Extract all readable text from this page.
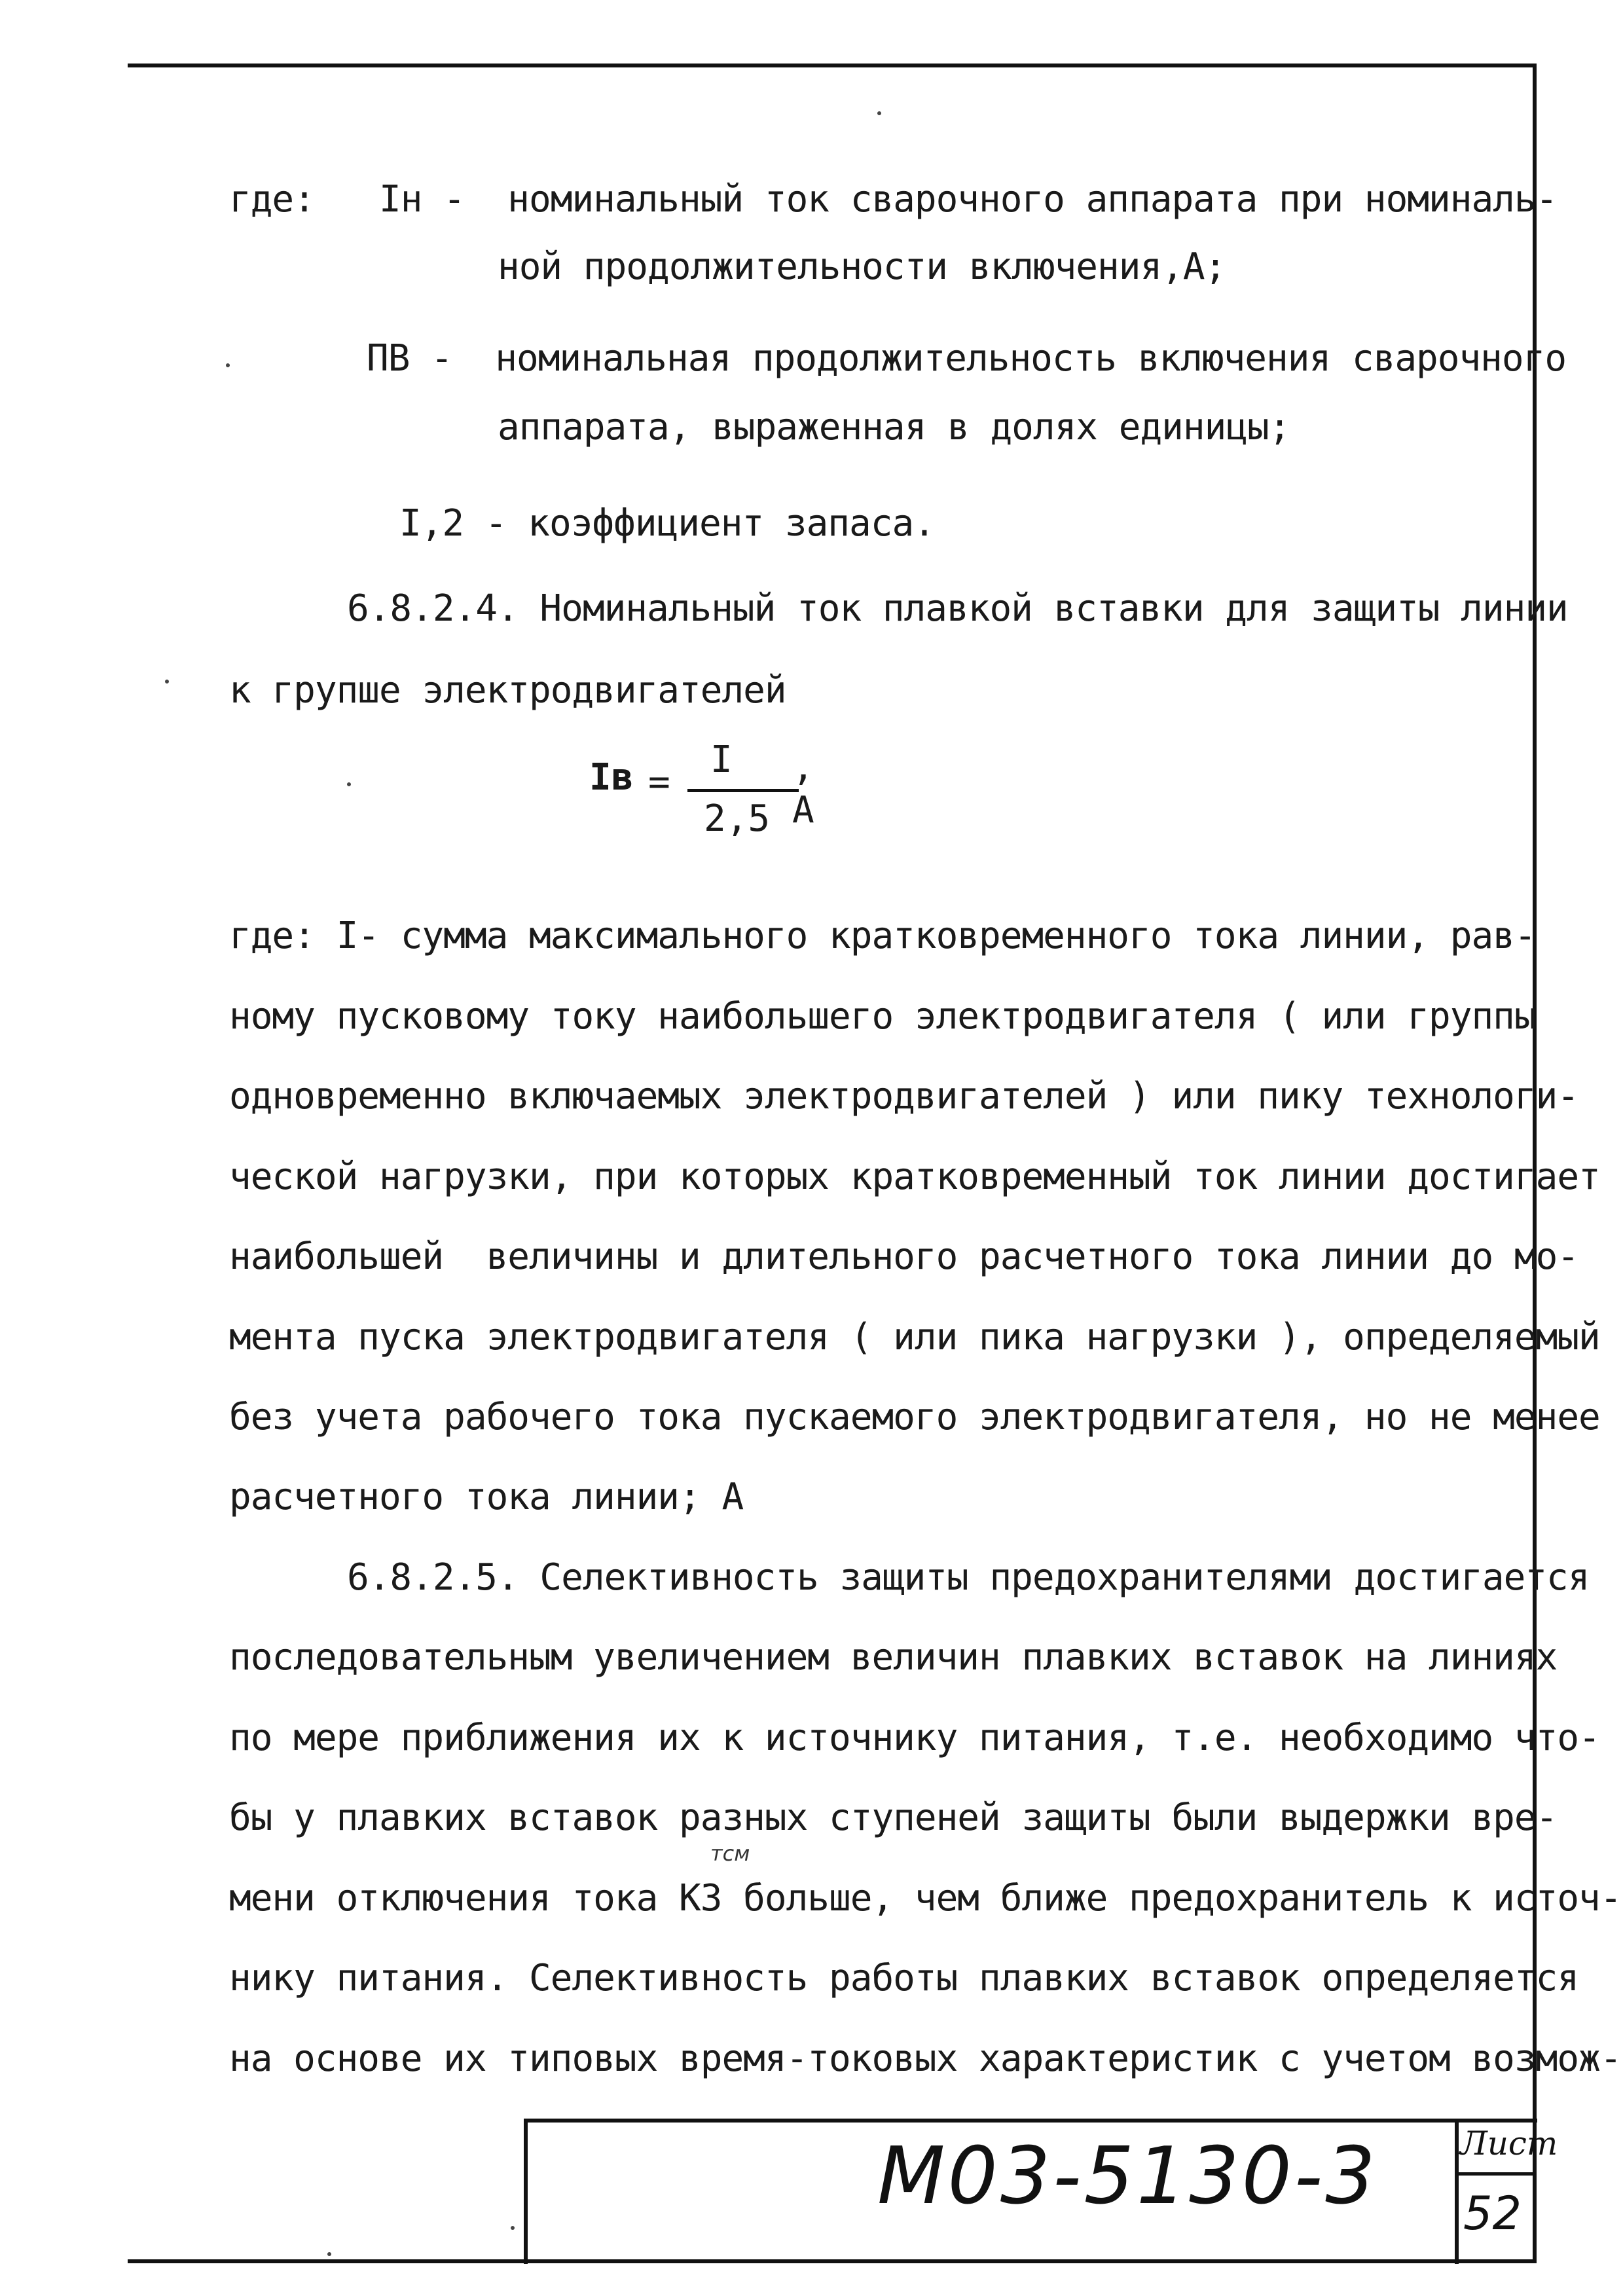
где:   Iн -  номинальный ток сварочного аппарата при номиналь-
ной продолжительности включения,А;
ПВ -  номинальная продолжительность включения сварочного
аппарата, выраженная в долях единицы;
I,2 - коэффициент запаса.
6.8.2.4. Номинальный ток плавкой вставки для защиты линии
к групше электродвигателей
Iв =
I
2,5
, A
где: I- сумма максимального кратковременного тока линии, рав-
ному пусковому току наибольшего электродвигателя ( или группы
одновременно включаемых электродвигателей ) или пику технологи-
ческой нагрузки, при которых кратковременный ток линии достигает
наибольшей  величины и длительного расчетного тока линии до мо-
мента пуска электродвигателя ( или пика нагрузки ), определяемый
без учета рабочего тока пускаемого электродвигателя, но не менее
расчетного тока линии; А
6.8.2.5. Селективность защиты предохранителями достигается
последовательным увеличением величин плавких вставок на линиях
по мере приближения их к источнику питания, т.е. необходимо что-
бы у плавких вставок разных ступеней защиты были выдержки вре-
мени отключения тока КЗ больше, чем ближе предохранитель к источ-
нику питания. Селективность работы плавких вставок определяется
на основе их типовых время-токовых характеристик с учетом возмож-
тсм
М03-5130-3	Лист
52
